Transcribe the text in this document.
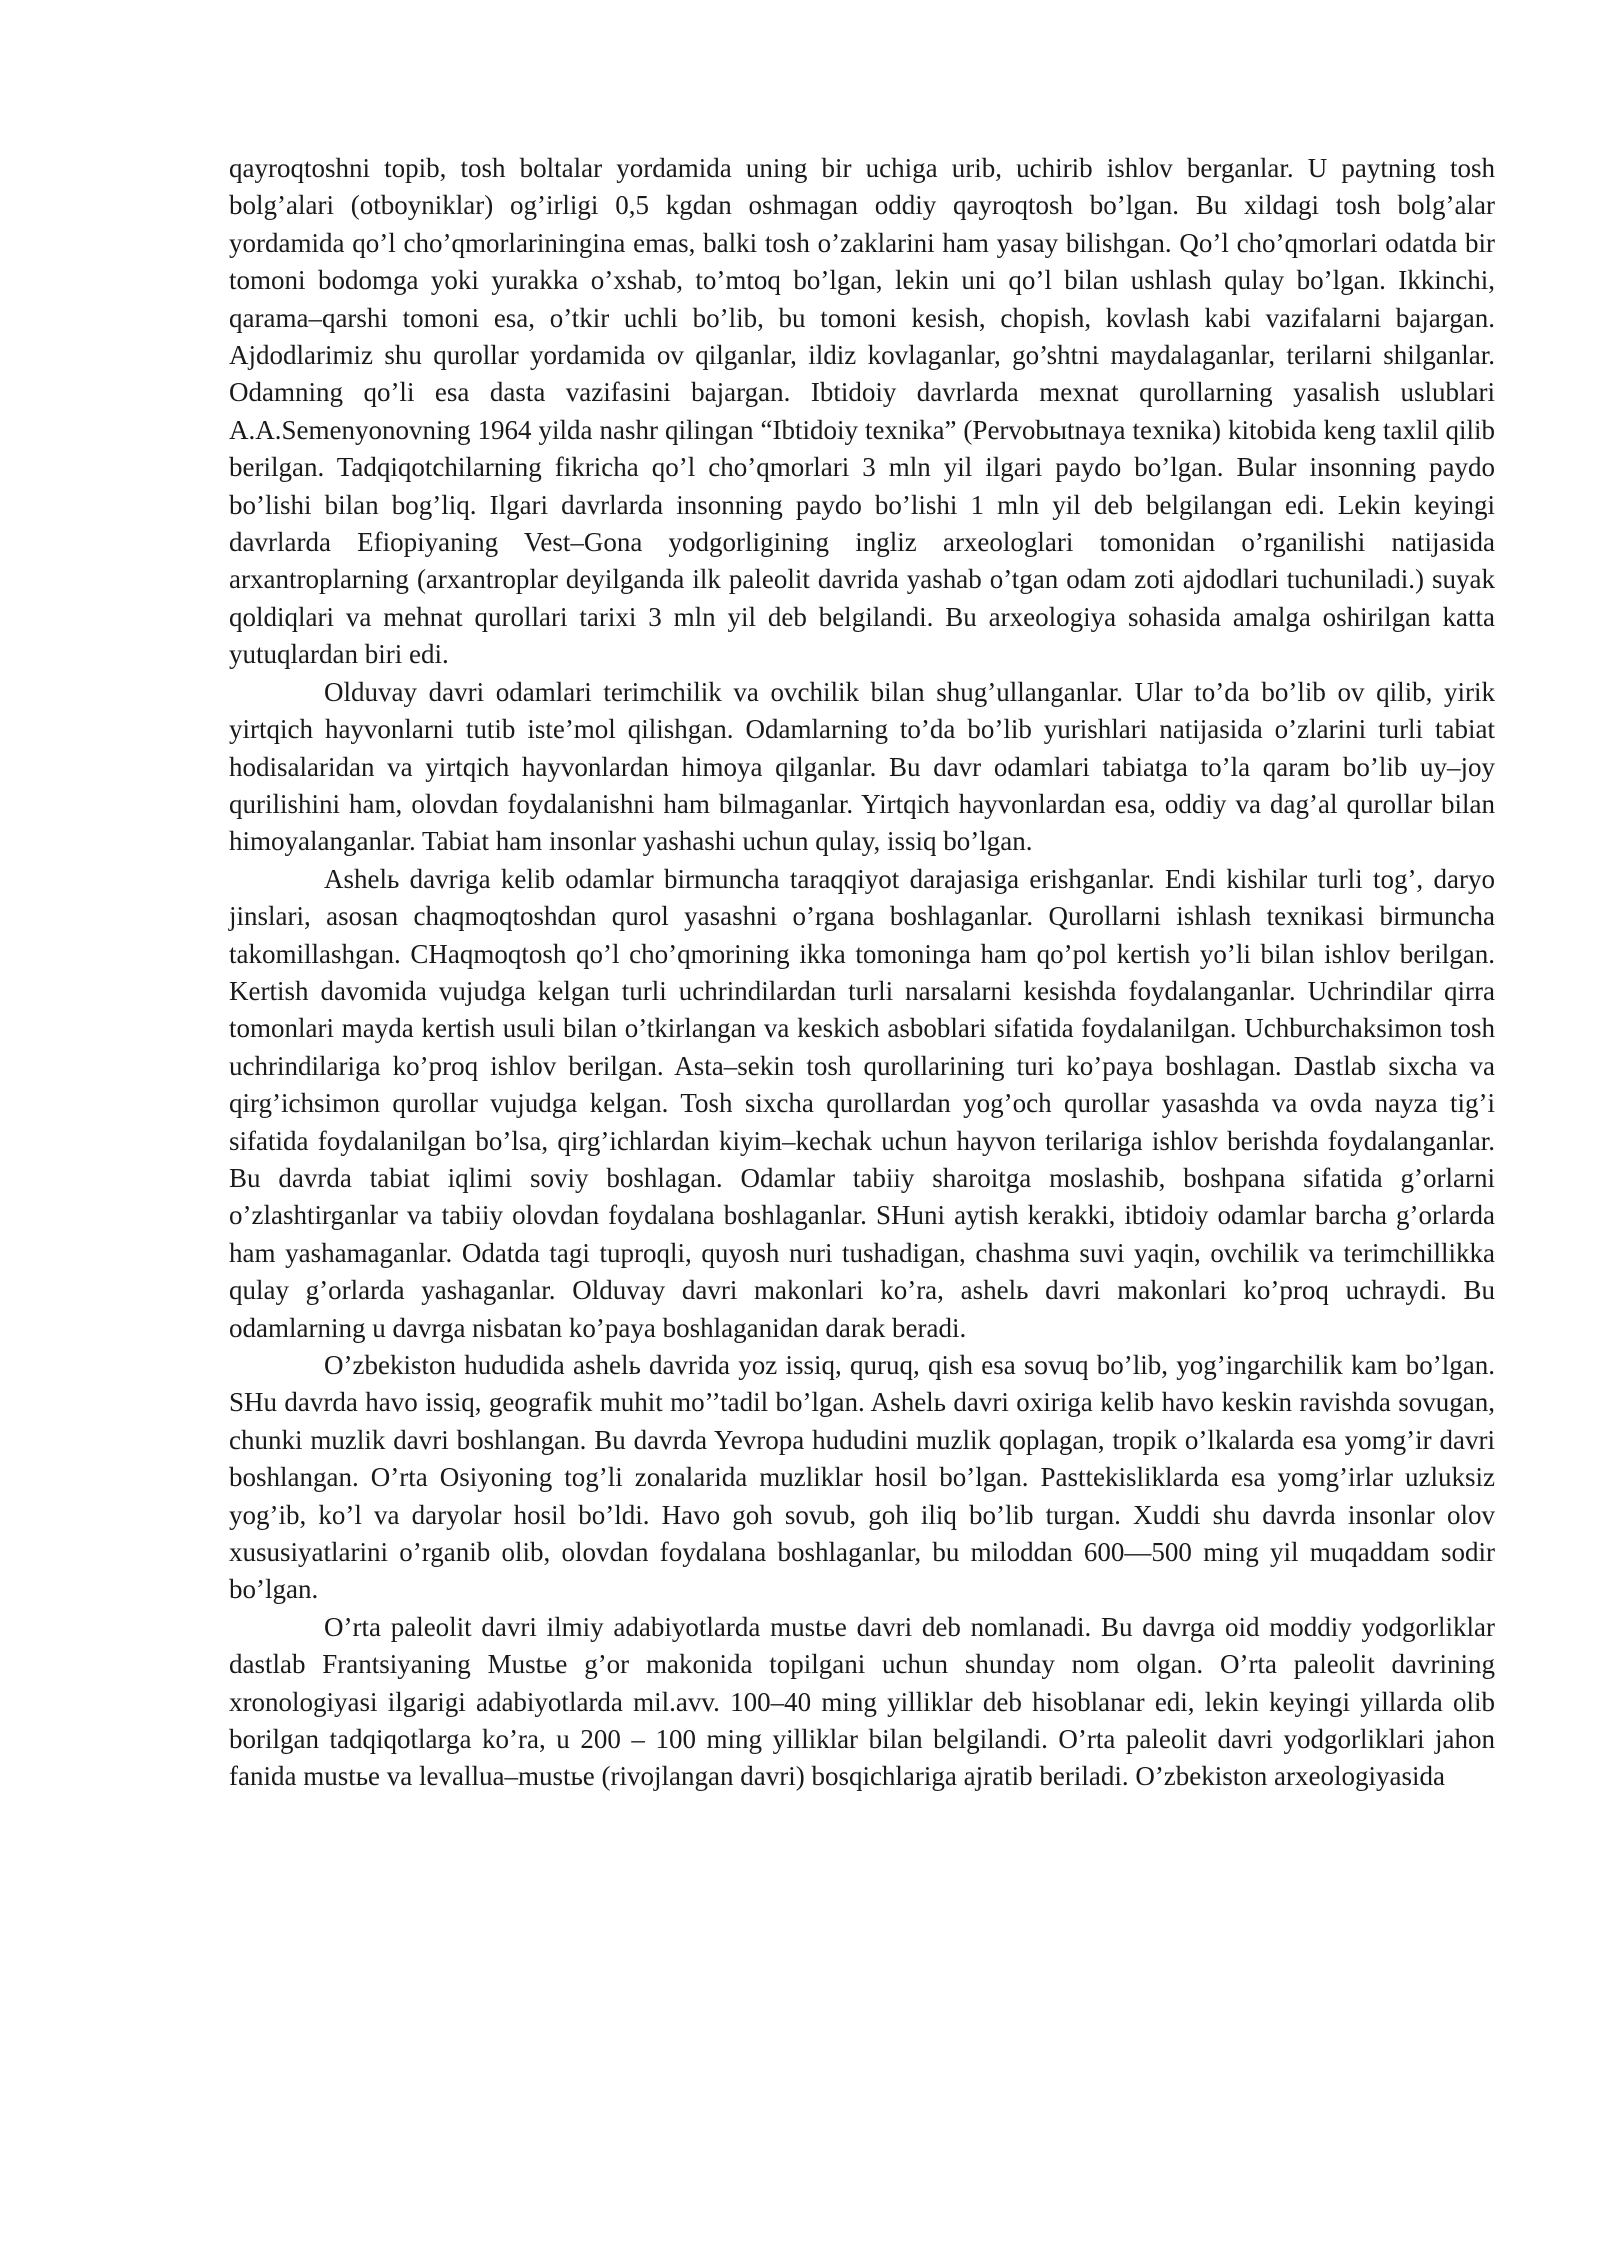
qayroqtoshni topib, tosh boltalar yordamida uning bir uchiga urib, uchirib ishlov berganlar. U paytning tosh bolg’alari (otboyniklar) og’irligi 0,5 kgdan oshmagan oddiy qayroqtosh bo’lgan. Bu xildagi tosh bolg’alar yordamida qo’l cho’qmorlariningina emas, balki tosh o’zaklarini ham yasay bilishgan. Qo’l cho’qmorlari odatda bir tomoni bodomga yoki yurakka o’xshab, to’mtoq bo’lgan, lekin uni qo’l bilan ushlash qulay bo’lgan. Ikkinchi, qarama–qarshi tomoni esa, o’tkir uchli bo’lib, bu tomoni kesish, chopish, kovlash kabi vazifalarni bajargan. Ajdodlarimiz shu qurollar yordamida ov qilganlar, ildiz kovlaganlar, go’shtni maydalaganlar, terilarni shilganlar. Odamning qo’li esa dasta vazifasini bajargan. Ibtidoiy davrlarda mexnat qurollarning yasalish uslublari A.A.Semenyonovning 1964 yilda nashr qilingan “Ibtidoiy texnika” (Pervobыtnaya texnika) kitobida keng taxlil qilib berilgan. Tadqiqotchilarning fikricha qo’l cho’qmorlari 3 mln yil ilgari paydo bo’lgan. Bular insonning paydo bo’lishi bilan bog’liq. Ilgari davrlarda insonning paydo bo’lishi 1 mln yil deb belgilangan edi. Lekin keyingi davrlarda Efiopiyaning Vest–Gona yodgorligining ingliz arxeologlari tomonidan o’rganilishi natijasida arxantroplarning (arxantroplar deyilganda ilk paleolit davrida yashab o’tgan odam zoti ajdodlari tuchuniladi.) suyak qoldiqlari va mehnat qurollari tarixi 3 mln yil deb belgilandi. Bu arxeologiya sohasida amalga oshirilgan katta yutuqlardan biri edi.

Olduvay davri odamlari terimchilik va ovchilik bilan shug’ullanganlar. Ular to’da bo’lib ov qilib, yirik yirtqich hayvonlarni tutib iste’mol qilishgan. Odamlarning to’da bo’lib yurishlari natijasida o’zlarini turli tabiat hodisalaridan va yirtqich hayvonlardan himoya qilganlar. Bu davr odamlari tabiatga to’la qaram bo’lib uy–joy qurilishini ham, olovdan foydalanishni ham bilmaganlar. Yirtqich hayvonlardan esa, oddiy va dag’al qurollar bilan himoyalanganlar. Tabiat ham insonlar yashashi uchun qulay, issiq bo’lgan.

Ashelь davriga kelib odamlar birmuncha taraqqiyot darajasiga erishganlar. Endi kishilar turli tog’, daryo jinslari, asosan chaqmoqtoshdan qurol yasashni o’rgana boshlaganlar. Qurollarni ishlash texnikasi birmuncha takomillashgan. CHaqmoqtosh qo’l cho’qmorining ikka tomoninga ham qo’pol kertish yo’li bilan ishlov berilgan. Kertish davomida vujudga kelgan turli uchrindilardan turli narsalarni kesishda foydalanganlar. Uchrindilar qirra tomonlari mayda kertish usuli bilan o’tkirlangan va keskich asboblari sifatida foydalanilgan. Uchburchaksimon tosh uchrindilariga ko’proq ishlov berilgan. Asta–sekin tosh qurollarining turi ko’paya boshlagan. Dastlab sixcha va qirg’ichsimon qurollar vujudga kelgan. Tosh sixcha qurollardan yog’och qurollar yasashda va ovda nayza tig’i sifatida foydalanilgan bo’lsa, qirg’ichlardan kiyim–kechak uchun hayvon terilariga ishlov berishda foydalanganlar. Bu davrda tabiat iqlimi soviy boshlagan. Odamlar tabiiy sharoitga moslashib, boshpana sifatida g’orlarni o’zlashtirganlar va tabiiy olovdan foydalana boshlaganlar. SHuni aytish kerakki, ibtidoiy odamlar barcha g’orlarda ham yashamaganlar. Odatda tagi tuproqli, quyosh nuri tushadigan, chashma suvi yaqin, ovchilik va terimchillikka qulay g’orlarda yashaganlar. Olduvay davri makonlari ko’ra, ashelь davri makonlari ko’proq uchraydi. Bu odamlarning u davrga nisbatan ko’paya boshlaganidan darak beradi.

O’zbekiston hududida ashelь davrida yoz issiq, quruq, qish esa sovuq bo’lib, yog’ingarchilik kam bo’lgan. SHu davrda havo issiq, geografik muhit mo’’tadil bo’lgan. Ashelь davri oxiriga kelib havo keskin ravishda sovugan, chunki muzlik davri boshlangan. Bu davrda Yevropa hududini muzlik qoplagan, tropik o’lkalarda esa yomg’ir davri boshlangan. O’rta Osiyoning tog’li zonalarida muzliklar hosil bo’lgan. Pasttekisliklarda esa yomg’irlar uzluksiz yog’ib, ko’l va daryolar hosil bo’ldi. Havo goh sovub, goh iliq bo’lib turgan. Xuddi shu davrda insonlar olov xususiyatlarini o’rganib olib, olovdan foydalana boshlaganlar, bu miloddan 600—500 ming yil muqaddam sodir bo’lgan.

O’rta paleolit davri ilmiy adabiyotlarda mustьe davri deb nomlanadi. Bu davrga oid moddiy yodgorliklar dastlab Frantsiyaning Mustьe g’or makonida topilgani uchun shunday nom olgan. O’rta paleolit davrining xronologiyasi ilgarigi adabiyotlarda mil.avv. 100–40 ming yilliklar deb hisoblanar edi, lekin keyingi yillarda olib borilgan tadqiqotlarga ko’ra, u 200 – 100 ming yilliklar bilan belgilandi. O’rta paleolit davri yodgorliklari jahon fanida mustьe va levallua–mustьe (rivojlangan davri) bosqichlariga ajratib beriladi. O’zbekiston arxeologiyasida
